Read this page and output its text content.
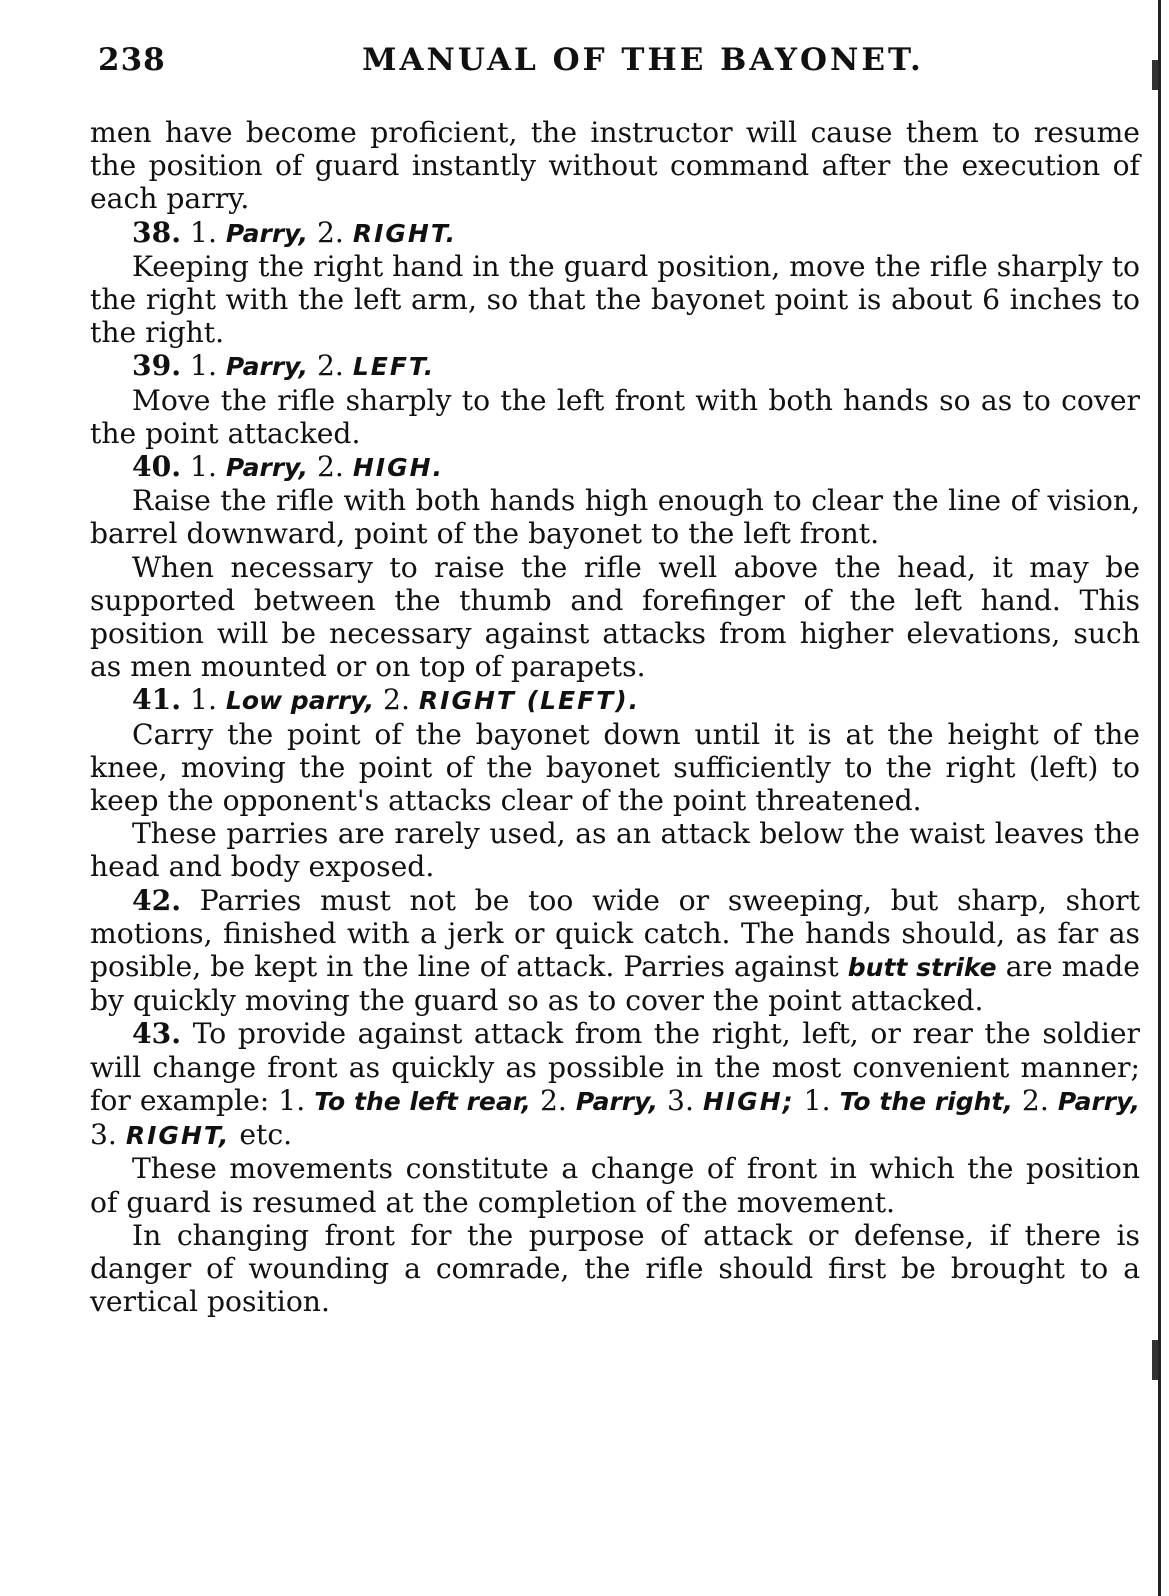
238	MANUAL OF THE BAYONET.

men have become proficient, the instructor will cause them to resume the position of guard instantly without command after the execution of each parry.

38. 1. Parry, 2. RIGHT.

Keeping the right hand in the guard position, move the rifle sharply to the right with the left arm, so that the bayonet point is about 6 inches to the right.

39. 1. Parry, 2. LEFT.

Move the rifle sharply to the left front with both hands so as to cover the point attacked.

40. 1. Parry, 2. HIGH.

Raise the rifle with both hands high enough to clear the line of vision, barrel downward, point of the bayonet to the left front.

When necessary to raise the rifle well above the head, it may be supported between the thumb and forefinger of the left hand. This position will be necessary against attacks from higher elevations, such as men mounted or on top of parapets.

41. 1. Low parry, 2. RIGHT (LEFT).

Carry the point of the bayonet down until it is at the height of the knee, moving the point of the bayonet sufficiently to the right (left) to keep the opponent's attacks clear of the point threatened.

These parries are rarely used, as an attack below the waist leaves the head and body exposed.

42. Parries must not be too wide or sweeping, but sharp, short motions, finished with a jerk or quick catch. The hands should, as far as posible, be kept in the line of attack. Parries against butt strike are made by quickly moving the guard so as to cover the point attacked.

43. To provide against attack from the right, left, or rear the soldier will change front as quickly as possible in the most convenient manner; for example: 1. To the left rear, 2. Parry, 3. HIGH; 1. To the right, 2. Parry, 3. RIGHT, etc.

These movements constitute a change of front in which the position of guard is resumed at the completion of the movement.

In changing front for the purpose of attack or defense, if there is danger of wounding a comrade, the rifle should first be brought to a vertical position.
